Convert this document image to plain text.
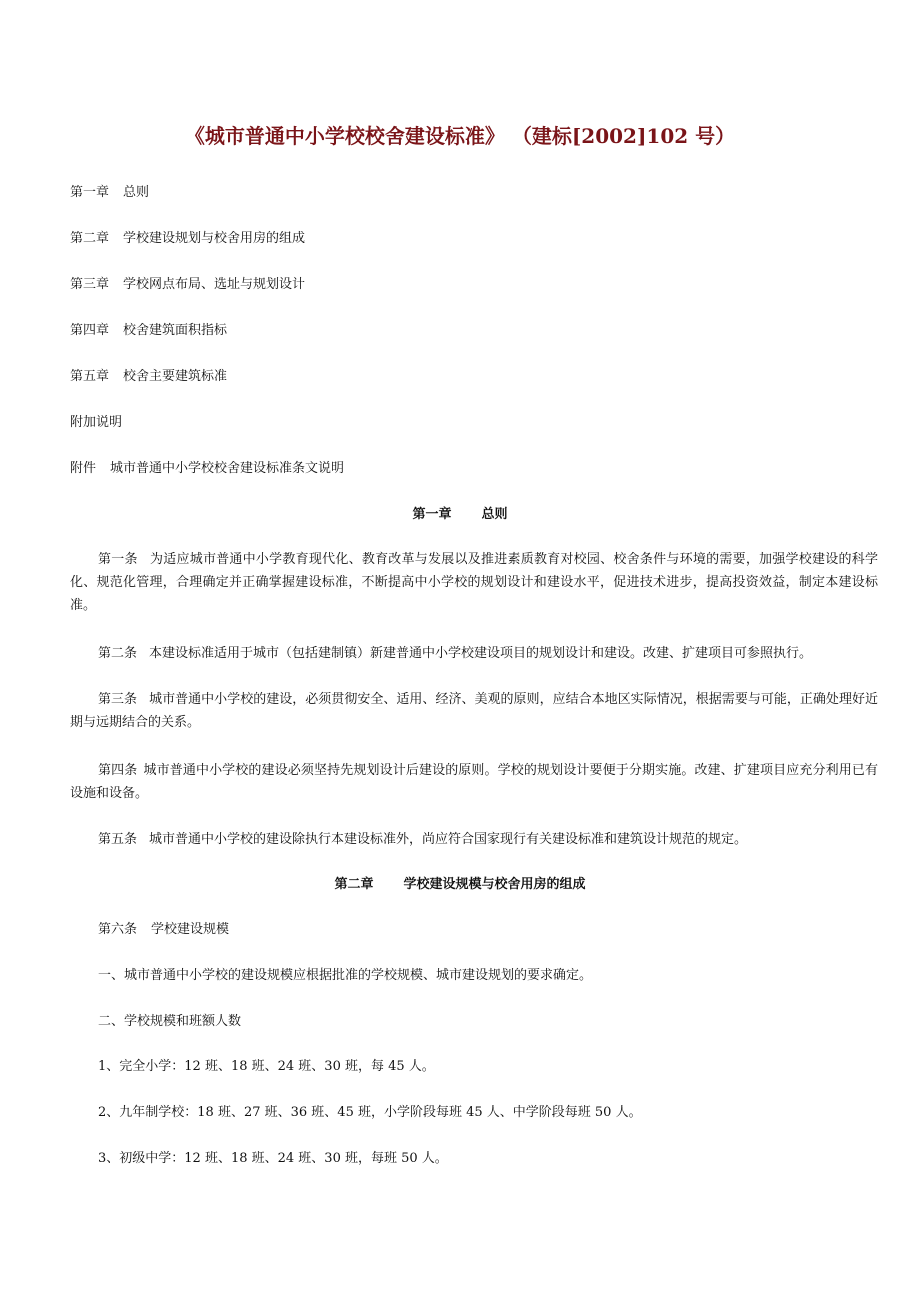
《城市普通中小学校校舍建设标准》 （建标[2002]102 号）
第一章 总则
第二章 学校建设规划与校舍用房的组成
第三章 学校网点布局、选址与规划设计
第四章 校舍建筑面积指标
第五章 校舍主要建筑标准
附加说明
附件 城市普通中小学校校舍建设标准条文说明
第一章 总则
第一条 为适应城市普通中小学教育现代化、教育改革与发展以及推进素质教育对校园、校舍条件与环境的需要，加强学校建设的科学化、规范化管理，合理确定并正确掌握建设标准，不断提高中小学校的规划设计和建设水平，促进技术进步，提高投资效益，制定本建设标准。
第二条 本建设标准适用于城市（包括建制镇）新建普通中小学校建设项目的规划设计和建设。改建、扩建项目可参照执行。
第三条 城市普通中小学校的建设，必须贯彻安全、适用、经济、美观的原则，应结合本地区实际情况，根据需要与可能，正确处理好近期与远期结合的关系。
第四条 城市普通中小学校的建设必须坚持先规划设计后建设的原则。学校的规划设计要便于分期实施。改建、扩建项目应充分利用已有设施和设备。
第五条 城市普通中小学校的建设除执行本建设标准外，尚应符合国家现行有关建设标准和建筑设计规范的规定。
第二章 学校建设规模与校舍用房的组成
第六条 学校建设规模
一、城市普通中小学校的建设规模应根据批准的学校规模、城市建设规划的要求确定。
二、学校规模和班额人数
1、完全小学：12 班、18 班、24 班、30 班，每 45 人。
2、九年制学校：18 班、27 班、36 班、45 班，小学阶段每班 45 人、中学阶段每班 50 人。
3、初级中学：12 班、18 班、24 班、30 班，每班 50 人。
